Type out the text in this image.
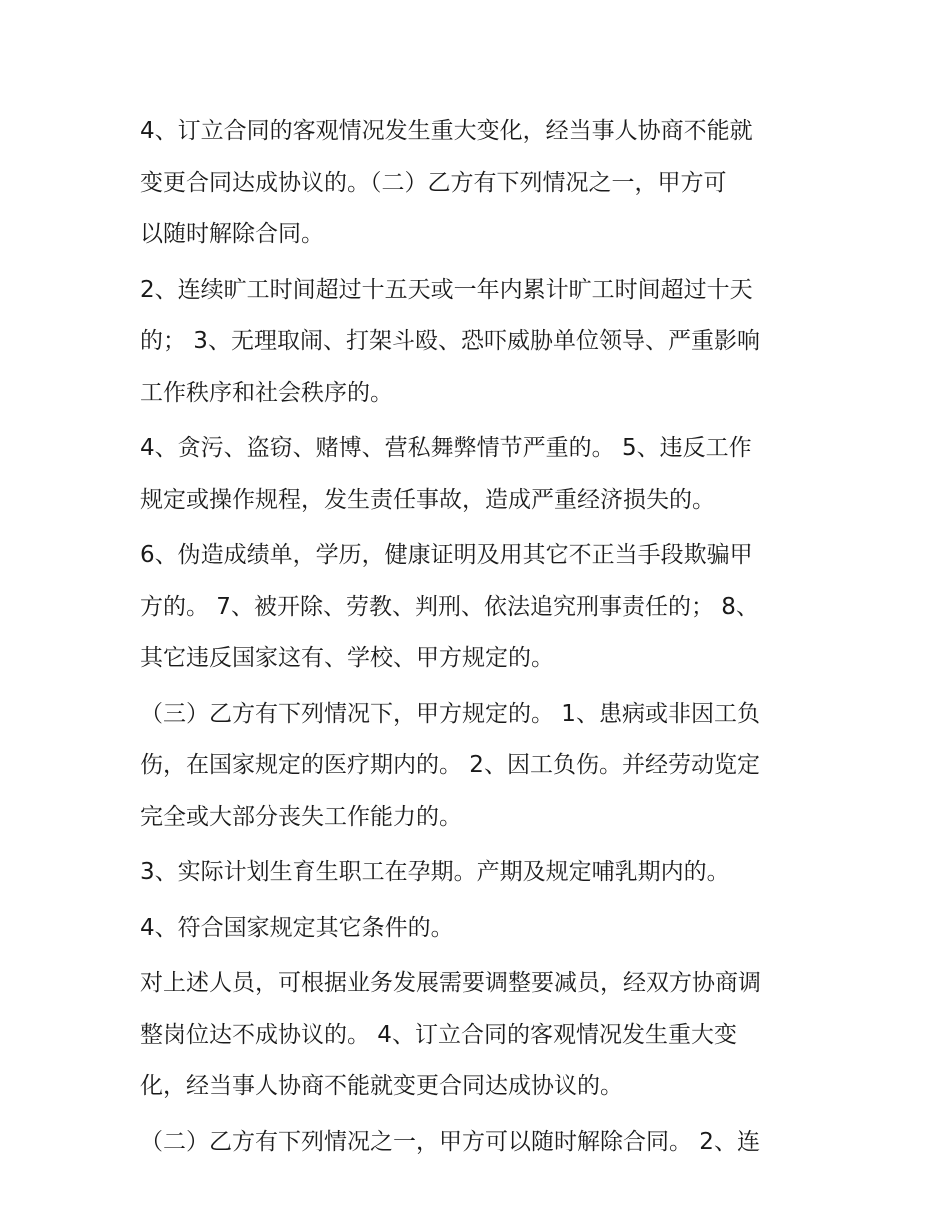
4、订立合同的客观情况发生重大变化，经当事人协商不能就
变更合同达成协议的。（二）乙方有下列情况之一，甲方可
以随时解除合同。
2、连续旷工时间超过十五天或一年内累计旷工时间超过十天
的； 3、无理取闹、打架斗殴、恐吓威胁单位领导、严重影响
工作秩序和社会秩序的。
4、贪污、盗窃、赌博、营私舞弊情节严重的。 5、违反工作
规定或操作规程，发生责任事故，造成严重经济损失的。
6、伪造成绩单，学历，健康证明及用其它不正当手段欺骗甲
方的。 7、被开除、劳教、判刑、依法追究刑事责任的； 8、
其它违反国家这有、学校、甲方规定的。
（三）乙方有下列情况下，甲方规定的。 1、患病或非因工负
伤，在国家规定的医疗期内的。 2、因工负伤。并经劳动览定
完全或大部分丧失工作能力的。
3、实际计划生育生职工在孕期。产期及规定哺乳期内的。
4、符合国家规定其它条件的。
对上述人员，可根据业务发展需要调整要减员，经双方协商调
整岗位达不成协议的。 4、订立合同的客观情况发生重大变
化，经当事人协商不能就变更合同达成协议的。
（二）乙方有下列情况之一，甲方可以随时解除合同。 2、连
